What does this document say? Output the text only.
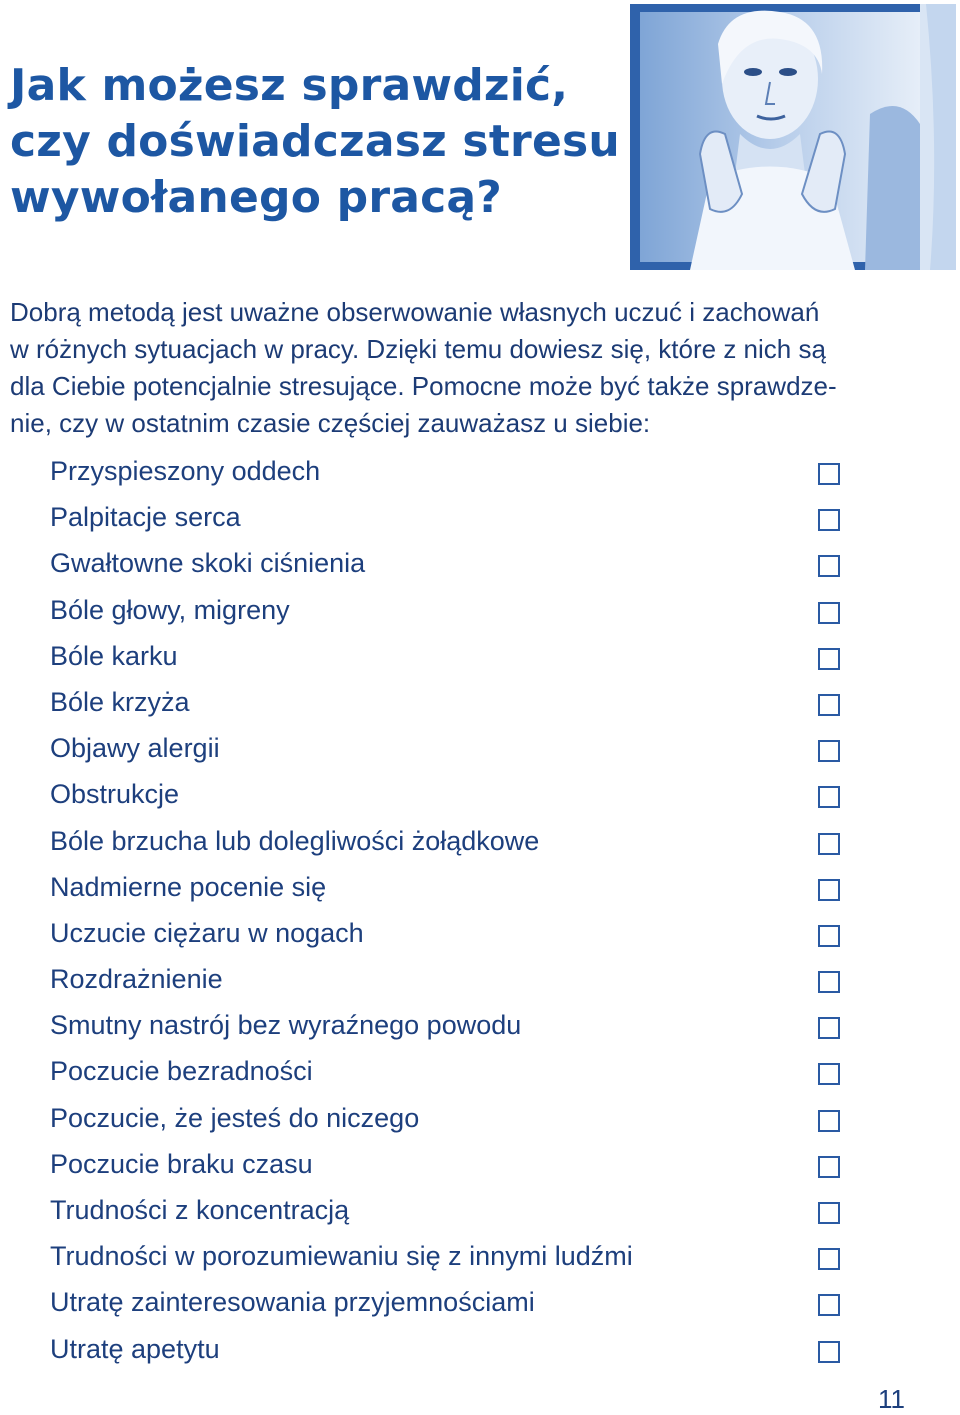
Jak możesz sprawdzić,
czy doświadczasz stresu
wywołanego pracą?
Dobrą metodą jest uważne obserwowanie własnych uczuć i zachowań
w różnych sytuacjach w pracy. Dzięki temu dowiesz się, które z nich są
dla Ciebie potencjalnie stresujące. Pomocne może być także sprawdze-
nie, czy w ostatnim czasie częściej zauważasz u siebie:
Przyspieszony oddech
Palpitacje serca
Gwałtowne skoki ciśnienia
Bóle głowy, migreny
Bóle karku
Bóle krzyża
Objawy alergii
Obstrukcje
Bóle brzucha lub dolegliwości żołądkowe
Nadmierne pocenie się
Uczucie ciężaru w nogach
Rozdrażnienie
Smutny nastrój bez wyraźnego powodu
Poczucie bezradności
Poczucie, że jesteś do niczego
Poczucie braku czasu
Trudności z koncentracją
Trudności w porozumiewaniu się z innymi ludźmi
Utratę zainteresowania przyjemnościami
Utratę apetytu
11
